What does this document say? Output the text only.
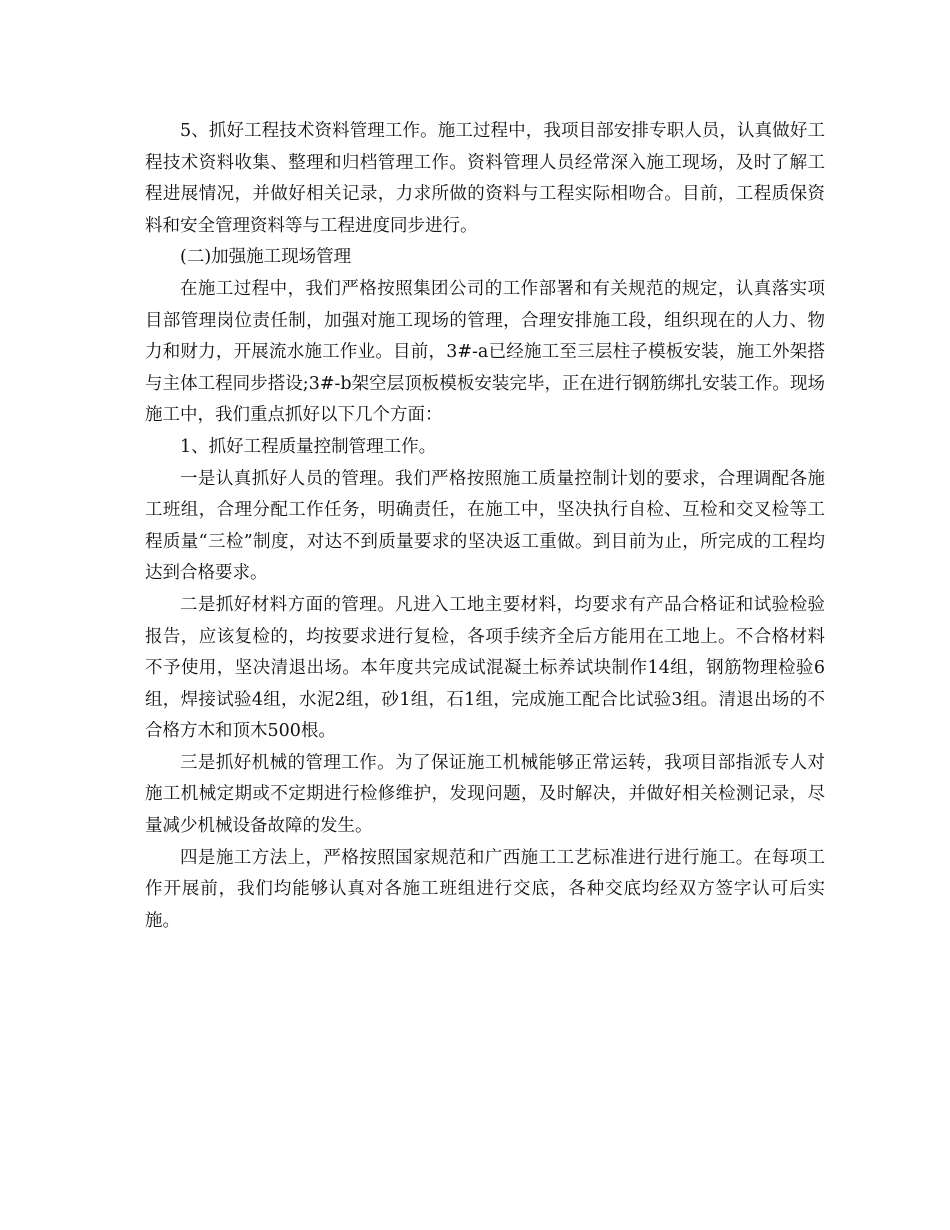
5、抓好工程技术资料管理工作。施工过程中，我项目部安排专职人员，认真做好工程技术资料收集、整理和归档管理工作。资料管理人员经常深入施工现场，及时了解工程进展情况，并做好相关记录，力求所做的资料与工程实际相吻合。目前，工程质保资料和安全管理资料等与工程进度同步进行。

(二)加强施工现场管理

在施工过程中，我们严格按照集团公司的工作部署和有关规范的规定，认真落实项目部管理岗位责任制，加强对施工现场的管理，合理安排施工段，组织现在的人力、物力和财力，开展流水施工作业。目前，3#-a已经施工至三层柱子模板安装，施工外架搭与主体工程同步搭设;3#-b架空层顶板模板安装完毕，正在进行钢筋绑扎安装工作。现场施工中，我们重点抓好以下几个方面：

1、抓好工程质量控制管理工作。

一是认真抓好人员的管理。我们严格按照施工质量控制计划的要求，合理调配各施工班组，合理分配工作任务，明确责任，在施工中，坚决执行自检、互检和交叉检等工程质量“三检”制度，对达不到质量要求的坚决返工重做。到目前为止，所完成的工程均达到合格要求。

二是抓好材料方面的管理。凡进入工地主要材料，均要求有产品合格证和试验检验报告，应该复检的，均按要求进行复检，各项手续齐全后方能用在工地上。不合格材料不予使用，坚决清退出场。本年度共完成试混凝土标养试块制作14组，钢筋物理检验6组，焊接试验4组，水泥2组，砂1组，石1组，完成施工配合比试验3组。清退出场的不合格方木和顶木500根。

三是抓好机械的管理工作。为了保证施工机械能够正常运转，我项目部指派专人对施工机械定期或不定期进行检修维护，发现问题，及时解决，并做好相关检测记录，尽量减少机械设备故障的发生。

四是施工方法上，严格按照国家规范和广西施工工艺标准进行进行施工。在每项工作开展前，我们均能够认真对各施工班组进行交底，各种交底均经双方签字认可后实施。
